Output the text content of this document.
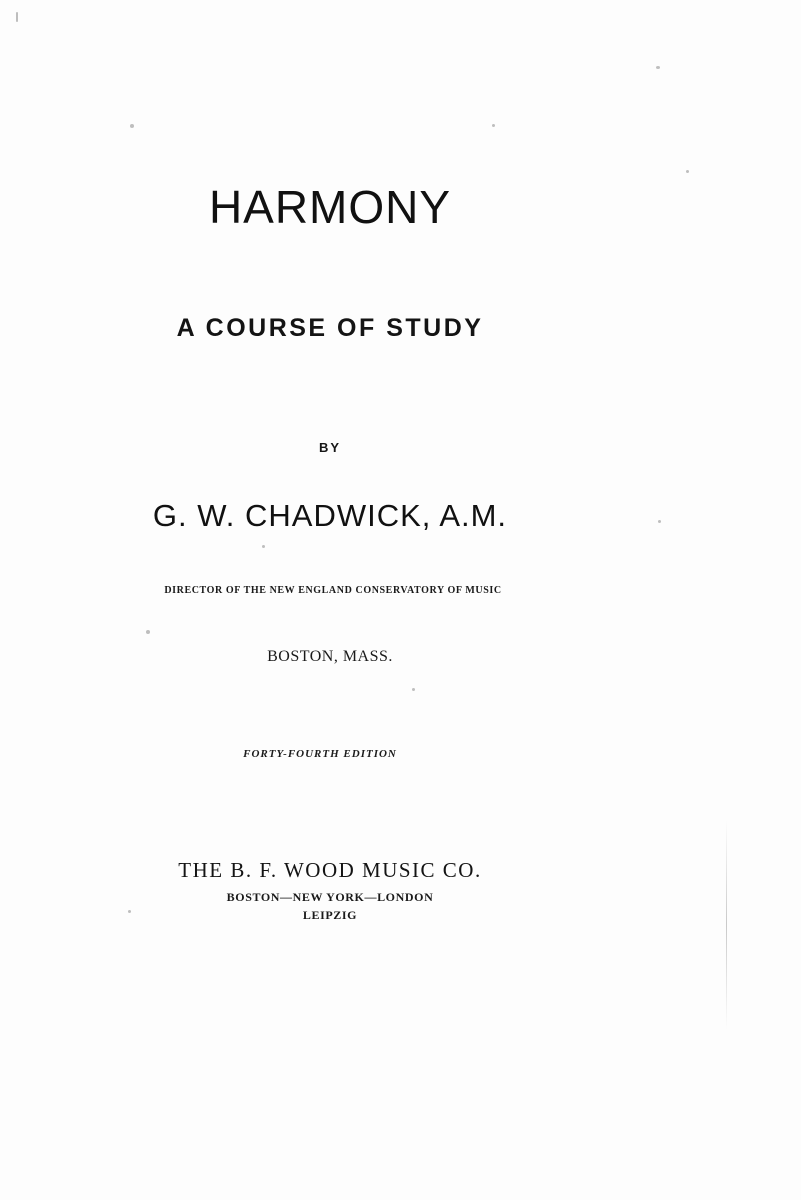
HARMONY
A COURSE OF STUDY
BY
G. W. CHADWICK, A.M.
DIRECTOR OF THE NEW ENGLAND CONSERVATORY OF MUSIC
BOSTON, MASS.
FORTY-FOURTH EDITION
THE B. F. WOOD MUSIC CO.
BOSTON—NEW YORK—LONDON
LEIPZIG
